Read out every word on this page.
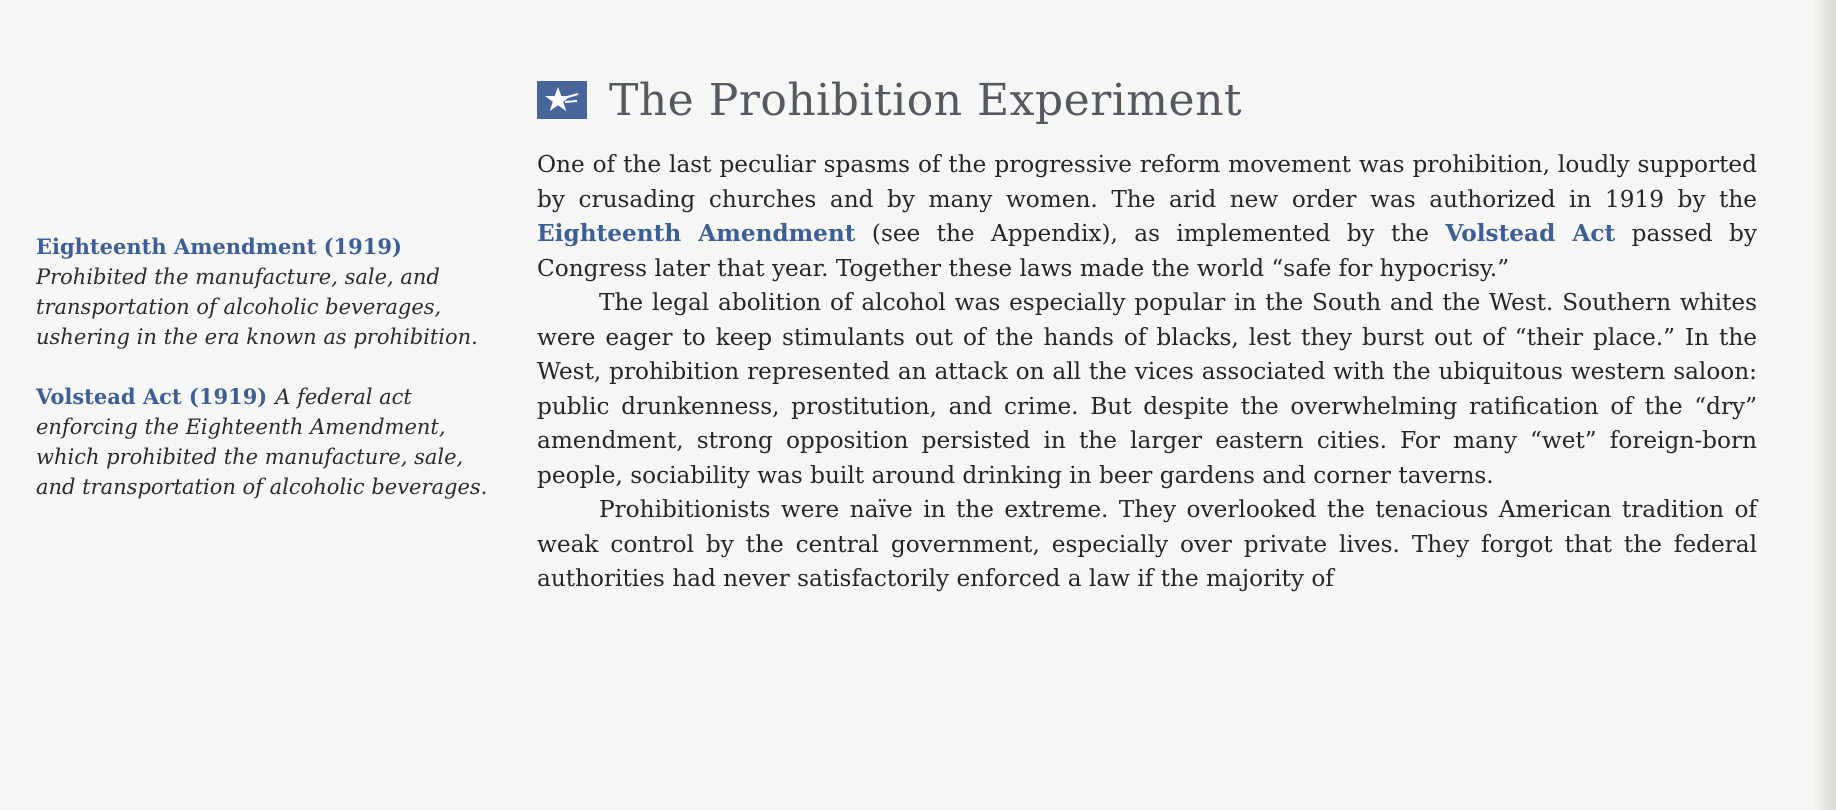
Eighteenth Amendment (1919)
Prohibited the manufacture, sale, and transportation of alcoholic beverages, ushering in the era known as prohibition.

Volstead Act (1919) A federal act enforcing the Eighteenth Amendment, which prohibited the manufacture, sale, and transportation of alcoholic beverages.

The Prohibition Experiment

One of the last peculiar spasms of the progressive reform movement was prohibition, loudly supported by crusading churches and by many women. The arid new order was authorized in 1919 by the Eighteenth Amendment (see the Appendix), as implemented by the Volstead Act passed by Congress later that year. Together these laws made the world “safe for hypocrisy.”

The legal abolition of alcohol was especially popular in the South and the West. Southern whites were eager to keep stimulants out of the hands of blacks, lest they burst out of “their place.” In the West, prohibition represented an attack on all the vices associated with the ubiquitous western saloon: public drunkenness, prostitution, and crime. But despite the overwhelming ratification of the “dry” amendment, strong opposition persisted in the larger eastern cities. For many “wet” foreign-born people, sociability was built around drinking in beer gardens and corner taverns.

Prohibitionists were naïve in the extreme. They overlooked the tenacious American tradition of weak control by the central government, especially over private lives. They forgot that the federal authorities had never satisfactorily enforced a law if the majority of
